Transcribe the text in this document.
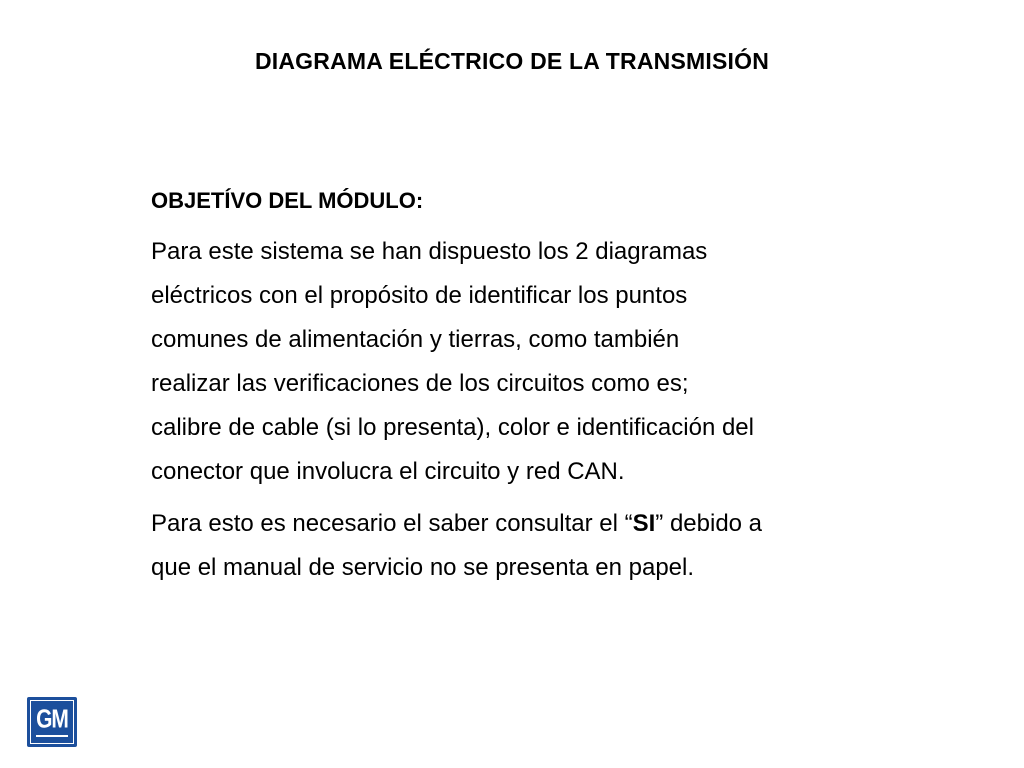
DIAGRAMA ELÉCTRICO DE LA TRANSMISIÓN
OBJETÍVO DEL MÓDULO:
Para este sistema se han dispuesto los 2 diagramas
eléctricos con el propósito de identificar los puntos
comunes de alimentación y tierras, como también
realizar las verificaciones de los circuitos como es;
calibre de cable (si lo presenta), color e identificación del
conector que involucra el circuito y red CAN.
Para esto es necesario el saber consultar el “SI” debido a
que el manual de servicio no se presenta en papel.
GM
